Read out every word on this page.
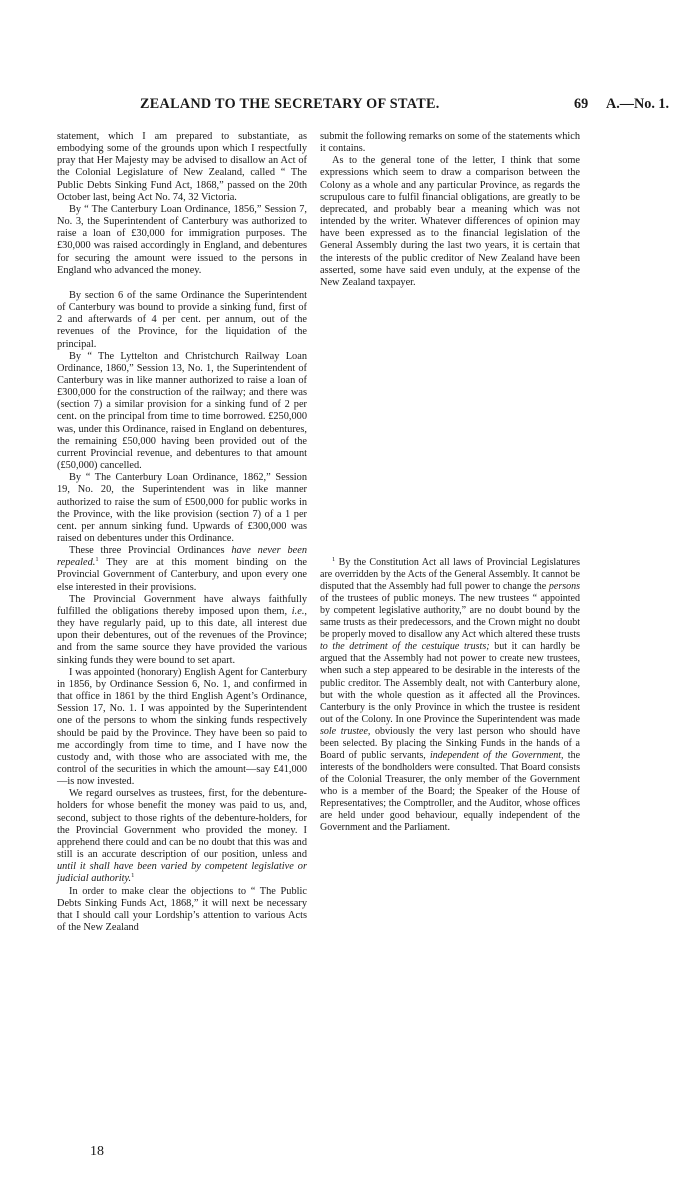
ZEALAND TO THE SECRETARY OF STATE.	69 A.—No. 1.

statement, which I am prepared to substantiate, as embodying some of the grounds upon which I respectfully pray that Her Majesty may be advised to disallow an Act of the Colonial Legislature of New Zealand, called “ The Public Debts Sinking Fund Act, 1868,” passed on the 20th October last, being Act No. 74, 32 Victoria.

By “ The Canterbury Loan Ordinance, 1856,” Session 7, No. 3, the Superintendent of Canterbury was authorized to raise a loan of £30,000 for immigration purposes. The £30,000 was raised accordingly in England, and debentures for securing the amount were issued to the persons in England who advanced the money.

By section 6 of the same Ordinance the Superintendent of Canterbury was bound to provide a sinking fund, first of 2 and afterwards of 4 per cent. per annum, out of the revenues of the Province, for the liquidation of the principal.

By “ The Lyttelton and Christchurch Railway Loan Ordinance, 1860,” Session 13, No. 1, the Superintendent of Canterbury was in like manner authorized to raise a loan of £300,000 for the construction of the railway; and there was (section 7) a similar provision for a sinking fund of 2 per cent. on the principal from time to time borrowed. £250,000 was, under this Ordinance, raised in England on debentures, the remaining £50,000 having been provided out of the current Provincial revenue, and debentures to that amount (£50,000) cancelled.

By “ The Canterbury Loan Ordinance, 1862,” Session 19, No. 20, the Superintendent was in like manner authorized to raise the sum of £500,000 for public works in the Province, with the like provision (section 7) of a 1 per cent. per annum sinking fund. Upwards of £300,000 was raised on debentures under this Ordinance.

These three Provincial Ordinances have never been repealed.$^1$ They are at this moment binding on the Provincial Government of Canterbury, and upon every one else interested in their provisions.

The Provincial Government have always faithfully fulfilled the obligations thereby imposed upon them, i.e., they have regularly paid, up to this date, all interest due upon their debentures, out of the revenues of the Province; and from the same source they have provided the various sinking funds they were bound to set apart.

I was appointed (honorary) English Agent for Canterbury in 1856, by Ordinance Session 6, No. 1, and confirmed in that office in 1861 by the third English Agent’s Ordinance, Session 17, No. 1. I was appointed by the Superintendent one of the persons to whom the sinking funds respectively should be paid by the Province. They have been so paid to me accordingly from time to time, and I have now the custody and, with those who are associated with me, the control of the securities in which the amount—say £41,000—is now invested.

We regard ourselves as trustees, first, for the debenture-holders for whose benefit the money was paid to us, and, second, subject to those rights of the debenture-holders, for the Provincial Government who provided the money. I apprehend there could and can be no doubt that this was and still is an accurate description of our position, unless and until it shall have been varied by competent legislative or judicial authority.$^1$

In order to make clear the objections to “ The Public Debts Sinking Funds Act, 1868,” it will next be necessary that I should call your Lordship’s attention to various Acts of the New Zealand

18

submit the following remarks on some of the statements which it contains.

As to the general tone of the letter, I think that some expressions which seem to draw a comparison between the Colony as a whole and any particular Province, as regards the scrupulous care to fulfil financial obligations, are greatly to be deprecated, and probably bear a meaning which was not intended by the writer. Whatever differences of opinion may have been expressed as to the financial legislation of the General Assembly during the last two years, it is certain that the interests of the public creditor of New Zealand have been asserted, some have said even unduly, at the expense of the New Zealand taxpayer.

$^1$ By the Constitution Act all laws of Provincial Legislatures are overridden by the Acts of the General Assembly. It cannot be disputed that the Assembly had full power to change the persons of the trustees of public moneys. The new trustees “ appointed by competent legislative authority,” are no doubt bound by the same trusts as their predecessors, and the Crown might no doubt be properly moved to disallow any Act which altered these trusts to the detriment of the cestuique trusts; but it can hardly be argued that the Assembly had not power to create new trustees, when such a step appeared to be desirable in the interests of the public creditor. The Assembly dealt, not with Canterbury alone, but with the whole question as it affected all the Provinces. Canterbury is the only Province in which the trustee is resident out of the Colony. In one Province the Superintendent was made sole trustee, obviously the very last person who should have been selected. By placing the Sinking Funds in the hands of a Board of public servants, independent of the Government, the interests of the bondholders were consulted. That Board consists of the Colonial Treasurer, the only member of the Government who is a member of the Board; the Speaker of the House of Representatives; the Comptroller, and the Auditor, whose offices are held under good behaviour, equally independent of the Government and the Parliament.
